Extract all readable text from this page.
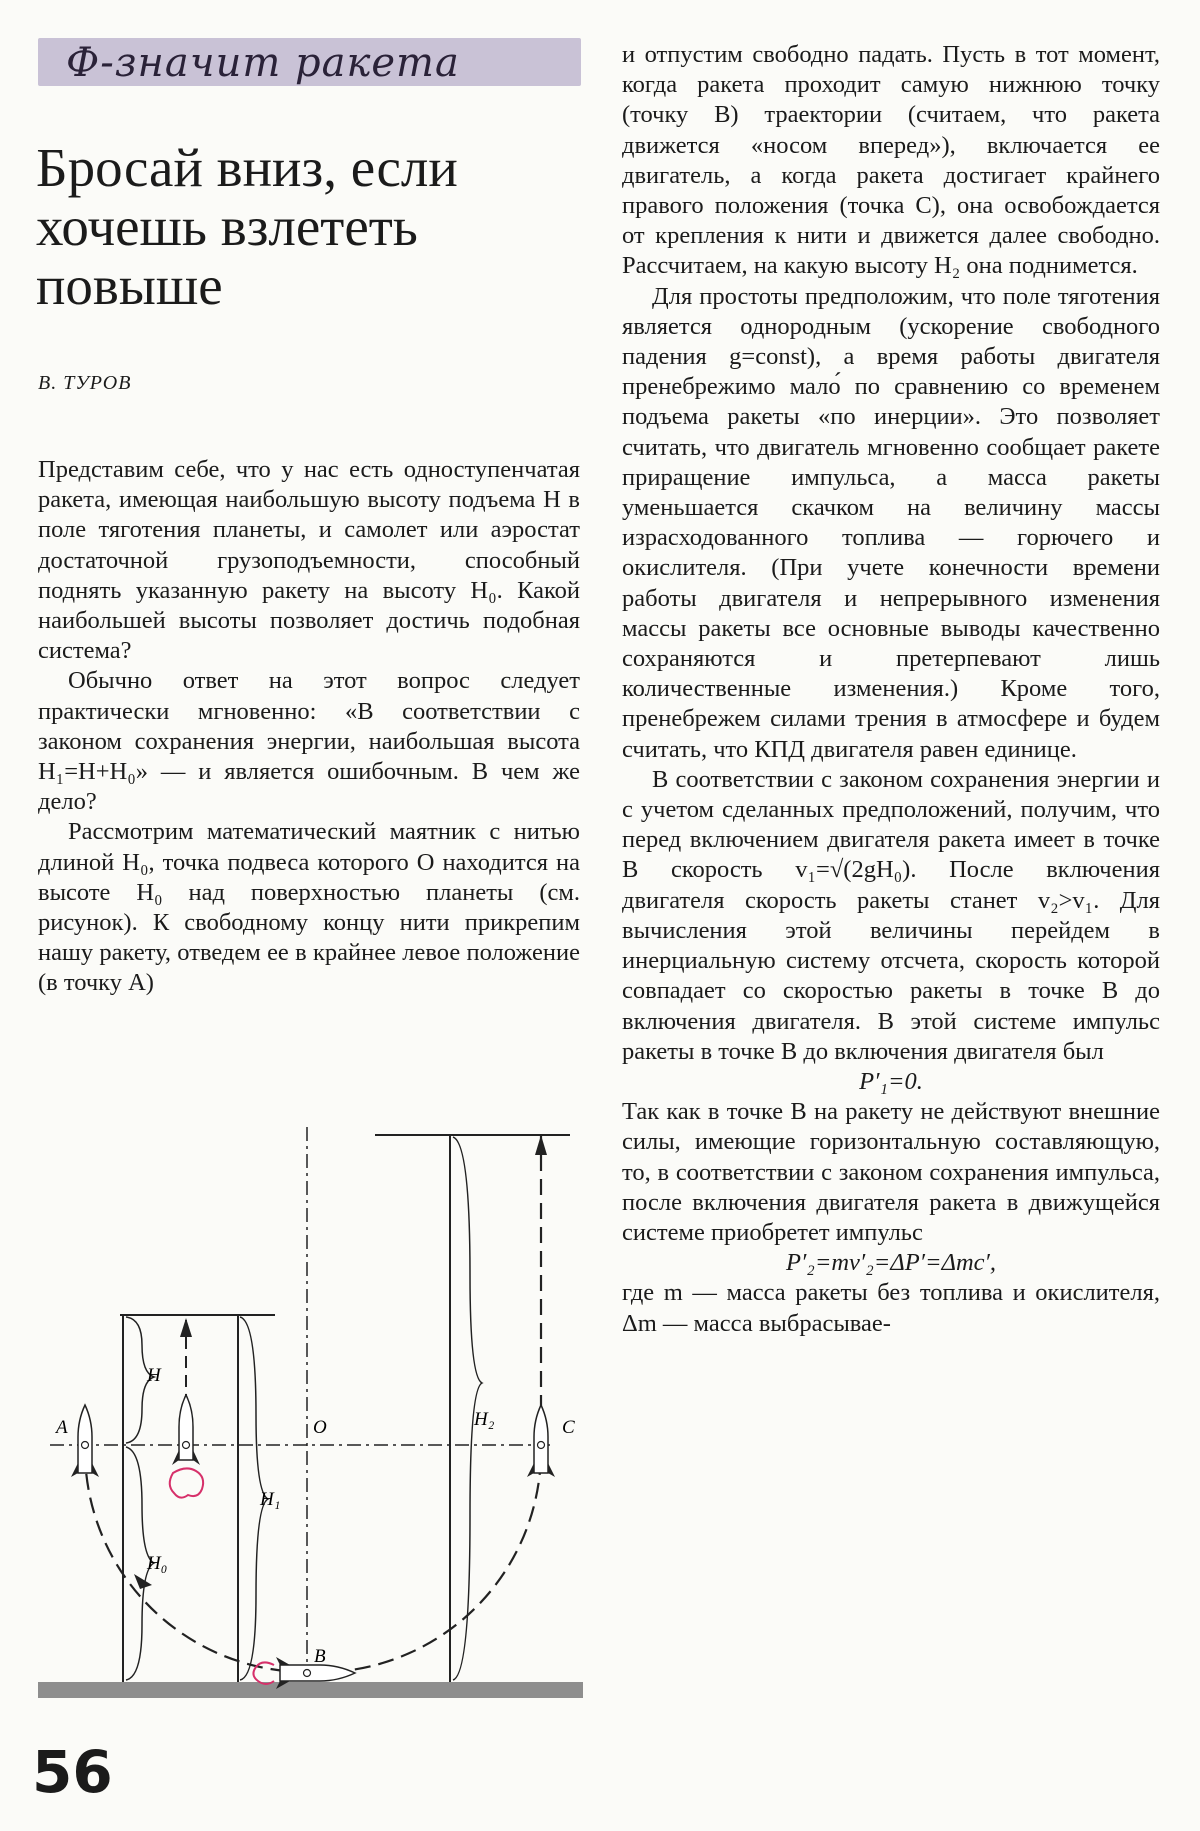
Ф-значит ракета
Бросай вниз, если хочешь взлететь повыше
В. ТУРОВ

Представим себе, что у нас есть одноступенчатая ракета, имеющая наибольшую высоту подъема H в поле тяготения планеты, и самолет или аэростат достаточной грузоподъемности, способный поднять указанную ракету на высоту H₀. Какой наибольшей высоты позволяет достичь подобная система?

Обычно ответ на этот вопрос следует практически мгновенно: «В соответствии с законом сохранения энергии, наибольшая высота H₁=H+H₀» — и является ошибочным. В чем же дело?

Рассмотрим математический маятник с нитью длиной H₀, точка подвеса которого O находится на высоте H₀ над поверхностью планеты (см. рисунок). К свободному концу нити прикрепим нашу ракету, отведем ее в крайнее левое положение (в точку A)

и отпустим свободно падать. Пусть в тот момент, когда ракета проходит самую нижнюю точку (точку B) траектории (считаем, что ракета движется «носом вперед»), включается ее двигатель, а когда ракета достигает крайнего правого положения (точка C), она освобождается от крепления к нити и движется далее свободно. Рассчитаем, на какую высоту H₂ она поднимется.

Для простоты предположим, что поле тяготения является однородным (ускорение свободного падения g=const), а время работы двигателя пренебрежимо мало́ по сравнению со временем подъема ракеты «по инерции». Это позволяет считать, что двигатель мгновенно сообщает ракете приращение импульса, а масса ракеты уменьшается скачком на величину массы израсходованного топлива — горючего и окислителя. (При учете конечности времени работы двигателя и непрерывного изменения массы ракеты все основные выводы качественно сохраняются и претерпевают лишь количественные изменения.) Кроме того, пренебрежем силами трения в атмосфере и будем считать, что КПД двигателя равен единице.

В соответствии с законом сохранения энергии и с учетом сделанных предположений, получим, что перед включением двигателя ракета имеет в точке B скорость v₁=√(2gH₀). После включения двигателя скорость ракеты станет v₂>v₁. Для вычисления этой величины перейдем в инерциальную систему отсчета, скорость которой совпадает со скоростью ракеты в точке B до включения двигателя. В этой системе импульс ракеты в точке B до включения двигателя был

P′₁=0.

Так как в точке B на ракету не действуют внешние силы, имеющие горизонтальную составляющую, то, в соответствии с законом сохранения импульса, после включения двигателя ракета в движущейся системе приобретет импульс

P′₂=mv′₂=ΔP′=Δmc′,

где m — масса ракеты без топлива и окислителя, Δm — масса выбрасывае-

A	O
B
C
H
H₀
H₁
H₂
56
